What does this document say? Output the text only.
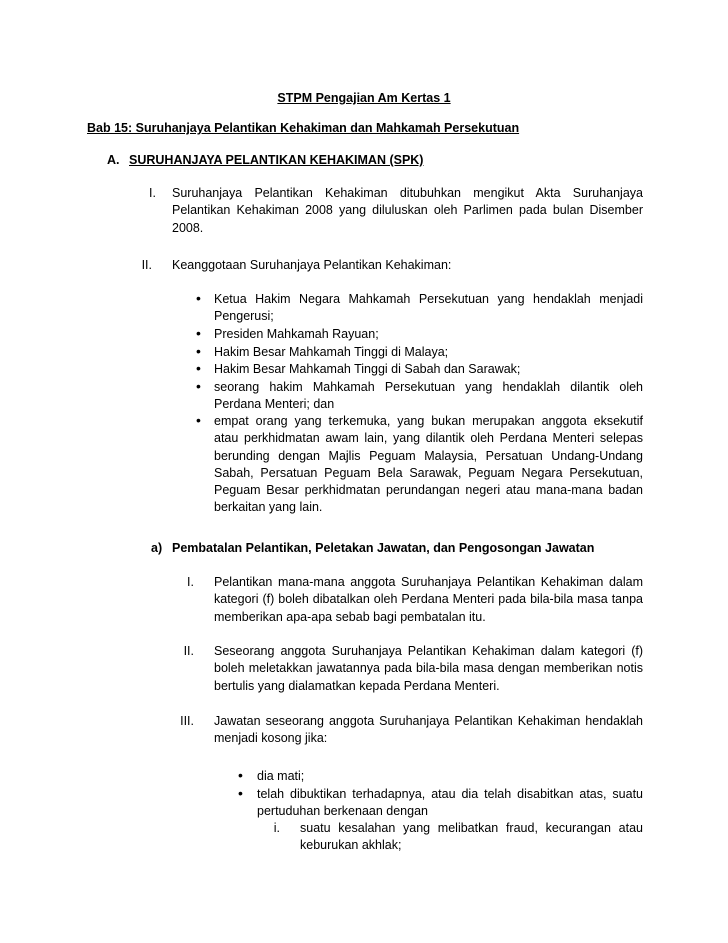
STPM Pengajian Am Kertas 1
Bab 15: Suruhanjaya Pelantikan Kehakiman dan Mahkamah Persekutuan
A. SURUHANJAYA PELANTIKAN KEHAKIMAN (SPK)
I. Suruhanjaya Pelantikan Kehakiman ditubuhkan mengikut Akta Suruhanjaya Pelantikan Kehakiman 2008 yang diluluskan oleh Parlimen pada bulan Disember 2008.
II. Keanggotaan Suruhanjaya Pelantikan Kehakiman:
• Ketua Hakim Negara Mahkamah Persekutuan yang hendaklah menjadi Pengerusi;
• Presiden Mahkamah Rayuan;
• Hakim Besar Mahkamah Tinggi di Malaya;
• Hakim Besar Mahkamah Tinggi di Sabah dan Sarawak;
• seorang hakim Mahkamah Persekutuan yang hendaklah dilantik oleh Perdana Menteri; dan
• empat orang yang terkemuka, yang bukan merupakan anggota eksekutif atau perkhidmatan awam lain, yang dilantik oleh Perdana Menteri selepas berunding dengan Majlis Peguam Malaysia, Persatuan Undang-Undang Sabah, Persatuan Peguam Bela Sarawak, Peguam Negara Persekutuan, Peguam Besar perkhidmatan perundangan negeri atau mana-mana badan berkaitan yang lain.
a) Pembatalan Pelantikan, Peletakan Jawatan, dan Pengosongan Jawatan
I. Pelantikan mana-mana anggota Suruhanjaya Pelantikan Kehakiman dalam kategori (f) boleh dibatalkan oleh Perdana Menteri pada bila-bila masa tanpa memberikan apa-apa sebab bagi pembatalan itu.
II. Seseorang anggota Suruhanjaya Pelantikan Kehakiman dalam kategori (f) boleh meletakkan jawatannya pada bila-bila masa dengan memberikan notis bertulis yang dialamatkan kepada Perdana Menteri.
III. Jawatan seseorang anggota Suruhanjaya Pelantikan Kehakiman hendaklah menjadi kosong jika:
• dia mati;
• telah dibuktikan terhadapnya, atau dia telah disabitkan atas, suatu pertuduhan berkenaan dengan
i. suatu kesalahan yang melibatkan fraud, kecurangan atau keburukan akhlak;
